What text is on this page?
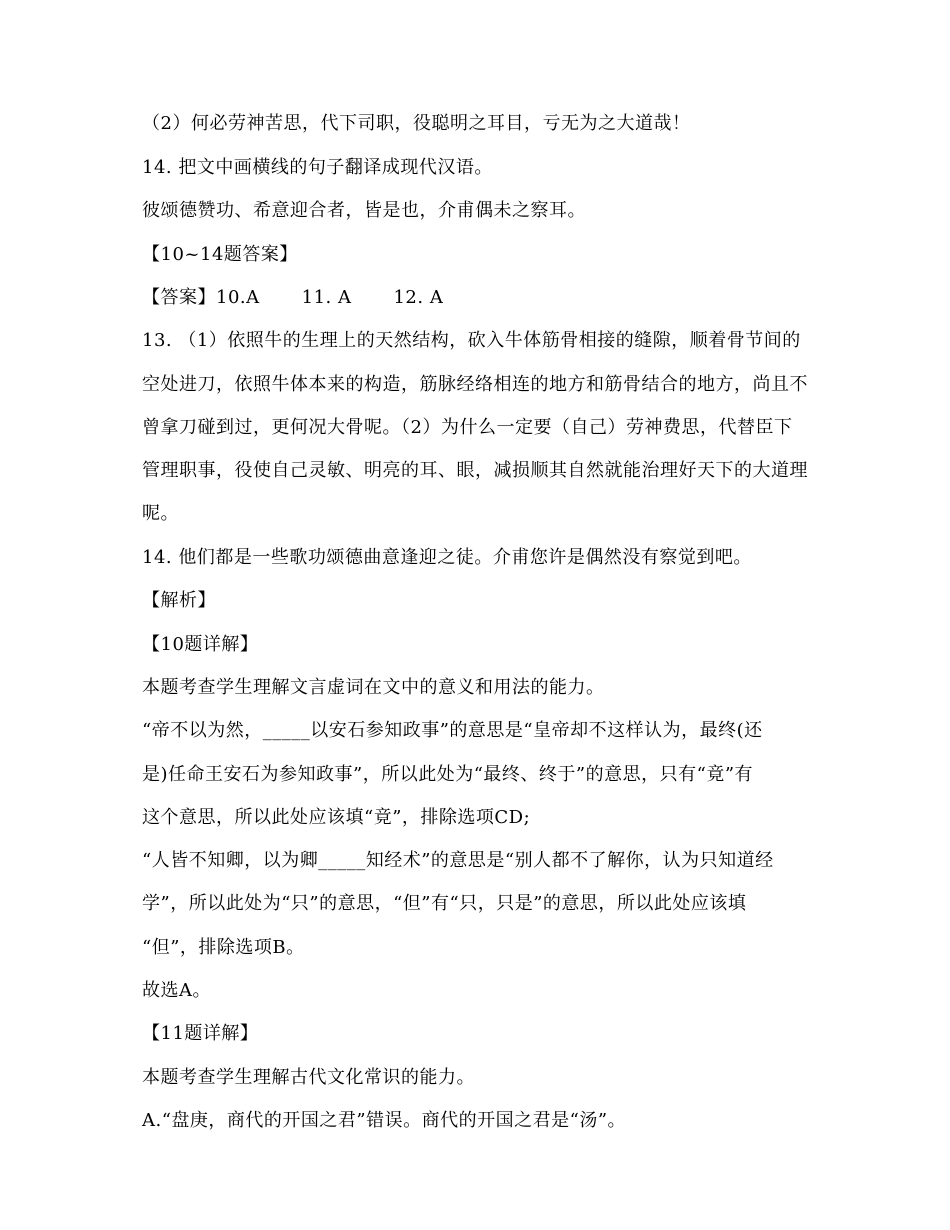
（2）何必劳神苦思，代下司职，役聪明之耳目，亏无为之大道哉！
14. 把文中画横线的句子翻译成现代汉语。
彼颂德赞功、希意迎合者，皆是也，介甫偶未之察耳。
【10~14题答案】
【答案】10.A 11. A 12. A
13. （1）依照牛的生理上的天然结构，砍入牛体筋骨相接的缝隙，顺着骨节间的
空处进刀，依照牛体本来的构造，筋脉经络相连的地方和筋骨结合的地方，尚且不
曾拿刀碰到过，更何况大骨呢。（2）为什么一定要（自己）劳神费思，代替臣下
管理职事，役使自己灵敏、明亮的耳、眼，减损顺其自然就能治理好天下的大道理
呢。
14. 他们都是一些歌功颂德曲意逢迎之徒。介甫您许是偶然没有察觉到吧。
【解析】
【10题详解】
本题考查学生理解文言虚词在文中的意义和用法的能力。
“帝不以为然，_____以安石参知政事”的意思是“皇帝却不这样认为，最终(还
是)任命王安石为参知政事”，所以此处为“最终、终于”的意思，只有“竟”有
这个意思，所以此处应该填“竟”，排除选项CD;
“人皆不知卿，以为卿_____知经术”的意思是“别人都不了解你，认为只知道经
学”，所以此处为“只”的意思，“但”有“只，只是”的意思，所以此处应该填
“但”，排除选项B。
故选A。
【11题详解】
本题考查学生理解古代文化常识的能力。
A.“盘庚，商代的开国之君”错误。商代的开国之君是“汤”。
